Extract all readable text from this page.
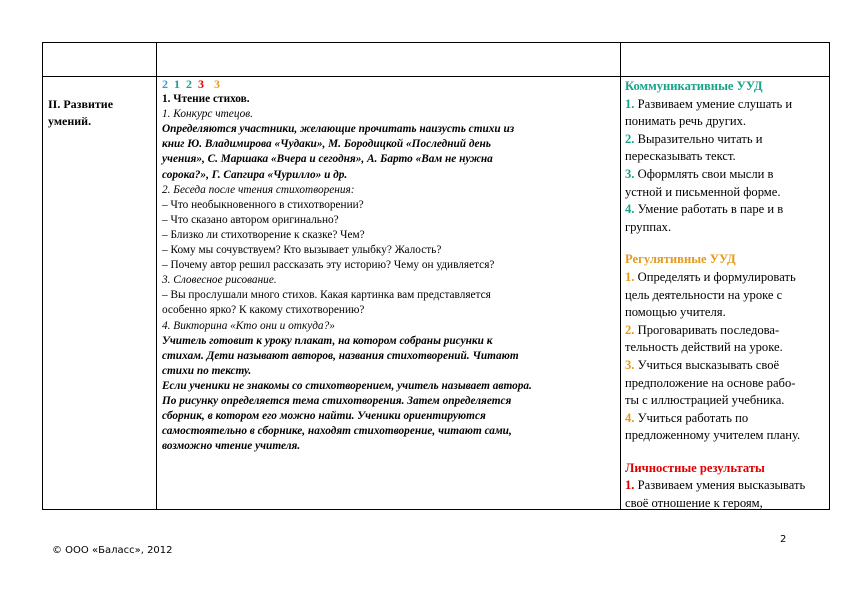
II. Развитие
умений.
2 1 2 3 3
1. Чтение стихов.
1. Конкурс чтецов.
Определяются участники, желающие прочитать наизусть стихи из
книг Ю. Владимирова «Чудаки», М. Бородицкой «Последний день
учения», С. Маршака «Вчера и сегодня», А. Барто «Вам не нужна
сорока?», Г. Сапгира «Чурилло» и др.
2. Беседа после чтения стихотворения:
– Что необыкновенного в стихотворении?
– Что сказано автором оригинально?
– Близко ли стихотворение к сказке? Чем?
– Кому мы сочувствуем? Кто вызывает улыбку? Жалость?
– Почему автор решил рассказать эту историю? Чему он удивляется?
3. Словесное рисование.
– Вы прослушали много стихов. Какая картинка вам представляется
особенно ярко? К какому стихотворению?
4. Викторина «Кто они и откуда?»
Учитель готовит к уроку плакат, на котором собраны рисунки к
стихам. Дети называют авторов, названия стихотворений. Читают
стихи по тексту.
Если ученики не знакомы со стихотворением, учитель называет автора.
По рисунку определяется тема стихотворения. Затем определяется
сборник, в котором его можно найти. Ученики ориентируются
самостоятельно в сборнике, находят стихотворение, читают сами,
возможно чтение учителя.
Коммуникативные УУД
1. Развиваем умение слушать и
понимать речь других.
2. Выразительно читать и
пересказывать текст.
3. Оформлять свои мысли в
устной и письменной форме.
4. Умение работать в паре и в
группах.
Регулятивные УУД
1. Определять и формулировать
цель деятельности на уроке с
помощью учителя.
2. Проговаривать последова-
тельность действий на уроке.
3. Учиться высказывать своё
предположение на основе рабо-
ты с иллюстрацией учебника.
4. Учиться работать по
предложенному учителем плану.
Личностные результаты
1. Развиваем умения высказывать
своё отношение к героям,
2
© ООО «Баласс», 2012
